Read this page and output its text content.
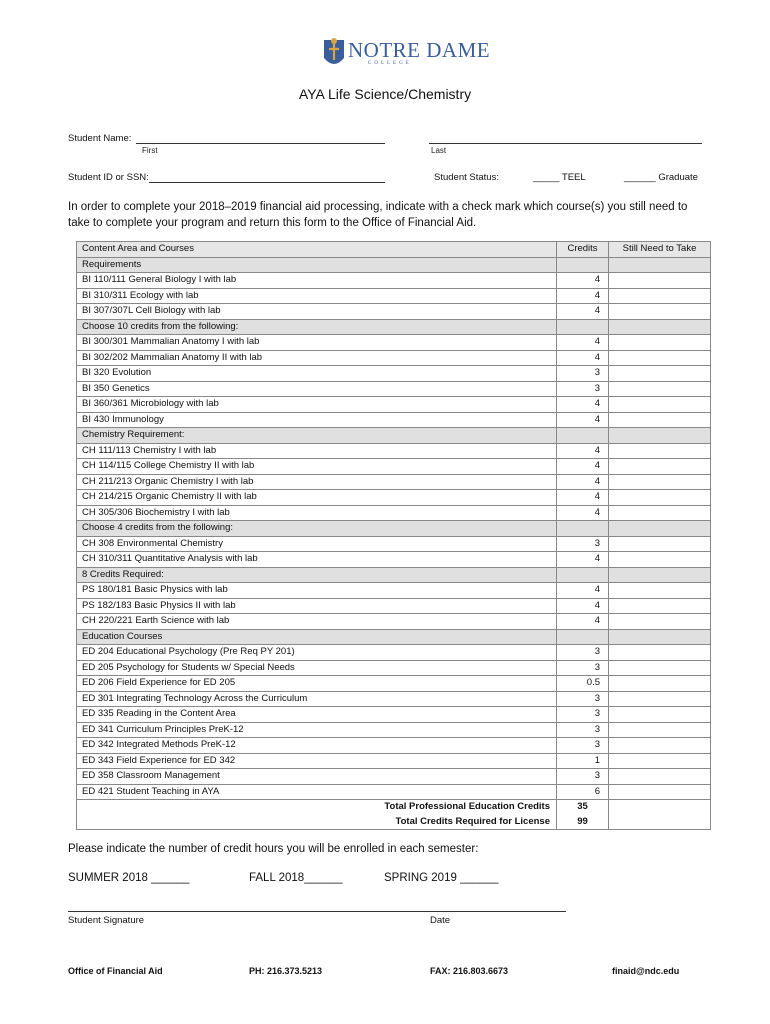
NOTRE DAME
COLLEGE
AYA Life Science/Chemistry
Student Name:
First	Last
Student ID or SSN:	Student Status:	_____ TEEL	______ Graduate
In order to complete your 2018–2019 financial aid processing, indicate with a check mark which course(s) you still need to take to complete your program and return this form to the Office of Financial Aid.
Content Area and Courses	Credits	Still Need to Take
Requirements		
BI 110/111 General Biology I with lab	4	
BI 310/311 Ecology with lab	4	
BI 307/307L Cell Biology with lab	4	
Choose 10 credits from the following:		
BI 300/301 Mammalian Anatomy I with lab	4	
BI 302/202 Mammalian Anatomy II with lab	4	
BI 320 Evolution	3	
BI 350 Genetics	3	
BI 360/361 Microbiology with lab	4	
BI 430 Immunology	4	
Chemistry Requirement:		
CH 111/113 Chemistry I with lab	4	
CH 114/115 College Chemistry II with lab	4	
CH 211/213 Organic Chemistry I with lab	4	
CH 214/215 Organic Chemistry II with lab	4	
CH 305/306 Biochemistry I with lab	4	
Choose 4 credits from the following:		
CH 308 Environmental Chemistry	3	
CH 310/311 Quantitative Analysis with lab	4	
8 Credits Required:		
PS 180/181 Basic Physics with lab	4	
PS 182/183 Basic Physics II with lab	4	
CH 220/221 Earth Science with lab	4	
Education Courses		
ED 204 Educational Psychology (Pre Req PY 201)	3	
ED 205 Psychology for Students w/ Special Needs	3	
ED 206 Field Experience for ED 205	0.5	
ED 301 Integrating Technology Across the Curriculum	3	
ED 335 Reading in the Content Area	3	
ED 341 Curriculum Principles PreK-12	3	
ED 342 Integrated Methods PreK-12	3	
ED 343 Field Experience for ED 342	1	
ED 358 Classroom Management	3	
ED 421 Student Teaching in AYA	6	
Total Professional Education Credits	35	
Total Credits Required for License	99	
Please indicate the number of credit hours you will be enrolled in each semester:
SUMMER 2018 ______	FALL 2018______	SPRING 2019 ______
Student Signature	Date
Office of Financial Aid	PH: 216.373.5213	FAX: 216.803.6673	finaid@ndc.edu
